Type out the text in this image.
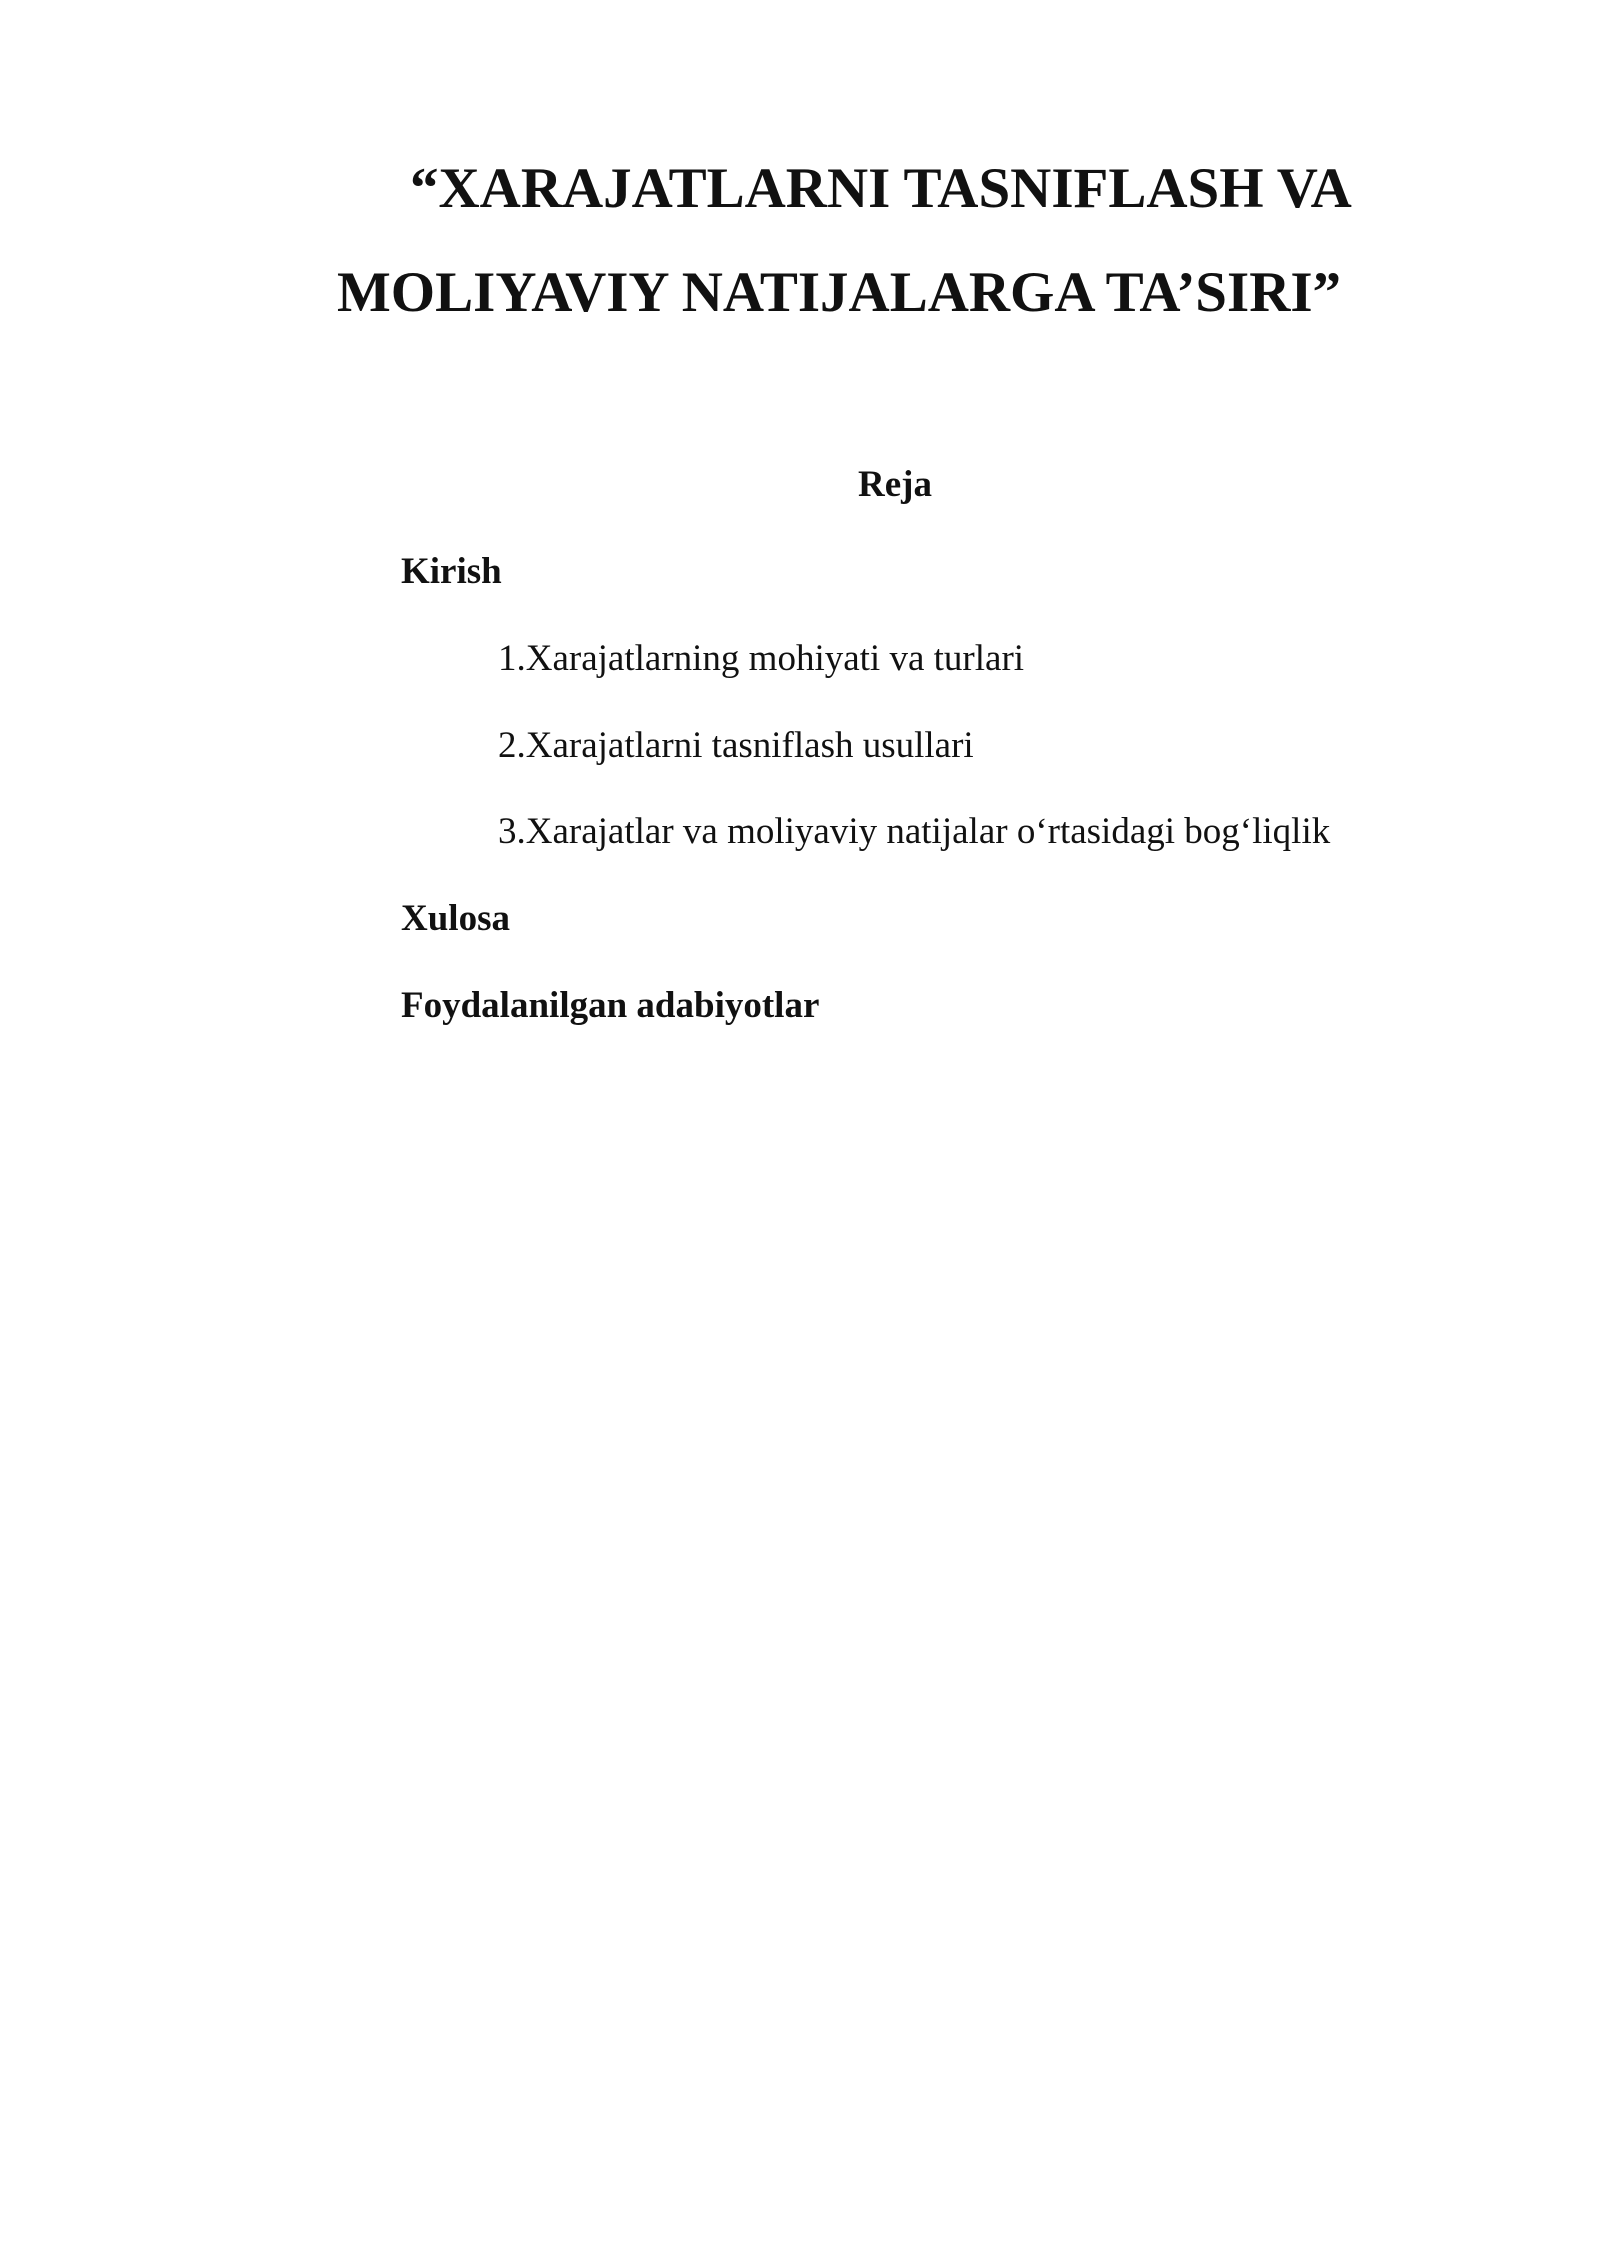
“XARAJATLARNI TASNIFLASH VA
MOLIYAVIY NATIJALARGA TA’SIRI”
Reja

Kirish

1.Xarajatlarning mohiyati va turlari

2.Xarajatlarni tasniflash usullari

3.Xarajatlar va moliyaviy natijalar o‘rtasidagi bog‘liqlik

Xulosa

Foydalanilgan adabiyotlar
